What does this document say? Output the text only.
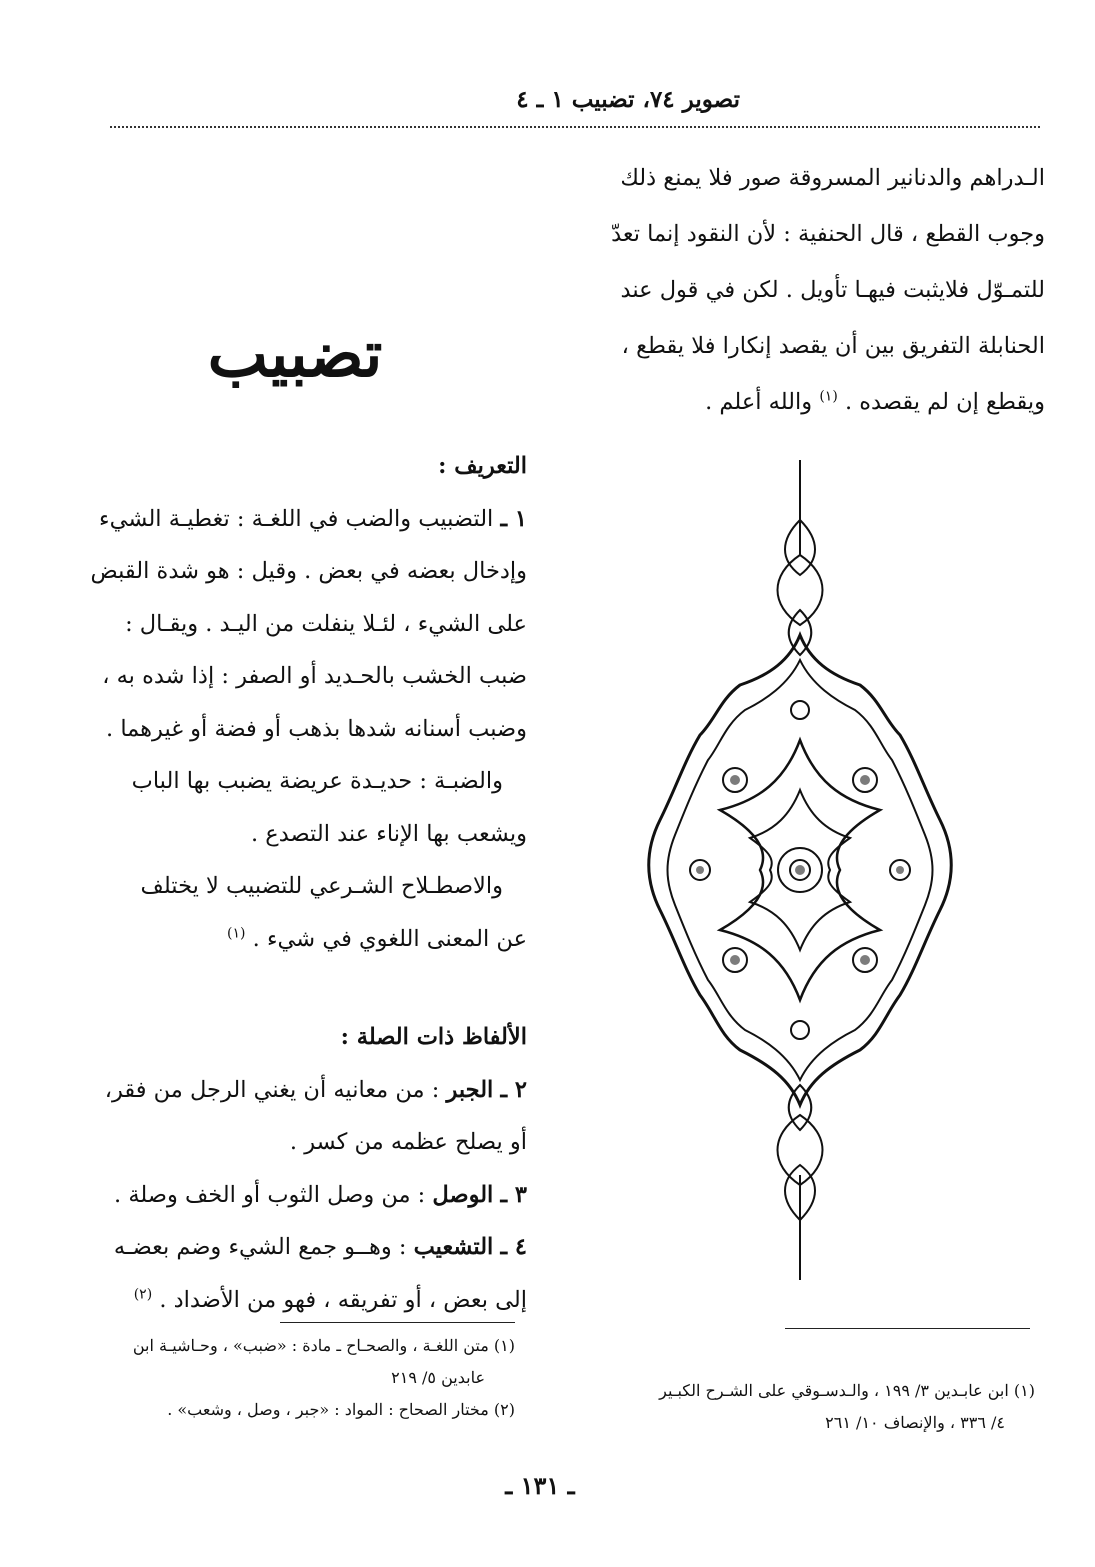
تصوير ٧٤، تضبيب ١ ـ ٤

الـدراهم والدنانير المسروقة صور فلا يمنع ذلك

وجوب القطع ، قال الحنفية : لأن النقود إنما تعدّ

للتمـوّل فلايثبت فيهـا تأويل . لكن في قول عند

الحنابلة التفريق بين أن يقصد إنكارا فلا يقطع ،

ويقطع إن لم يقصده . $^{(١)}$ والله أعلم .

تضبيب

التعريف :

١ ـ التضبيب والضب في اللغـة : تغطيـة الشيء

وإدخال بعضه في بعض . وقيل : هو شدة القبض

على الشيء ، لئـلا ينفلت من اليـد . ويقـال :

ضبب الخشب بالحـديد أو الصفر : إذا شده به ،

وضبب أسنانه شدها بذهب أو فضة أو غيرهما .

والضبـة : حديـدة عريضة يضبب بها الباب

ويشعب بها الإناء عند التصدع .

والاصطـلاح الشـرعي للتضبيب لا يختلف

عن المعنى اللغوي في شيء . $^{(١)}$

الألفاظ ذات الصلة :

٢ ـ الجبر : من معانيه أن يغني الرجل من فقر،

أو يصلح عظمه من كسر .

٣ ـ الوصل : من وصل الثوب أو الخف وصلة .

٤ ـ التشعيب : وهــو جمع الشيء وضم بعضـه

إلى بعض ، أو تفريقه ، فهو من الأضداد . $^{(٢)}$

(١) متن اللغـة ، والصحـاح ـ مادة : «ضبب» ، وحـاشيـة ابن

عابدين ٥/ ٢١٩

(٢) مختار الصحاح : المواد : «جبر ، وصل ، وشعب» .

(١) ابن عابـدين ٣/ ١٩٩ ، والـدسـوقي على الشـرح الكبـير

٤/ ٣٣٦ ، والإنصاف ١٠/ ٢٦١

ـ ١٣١ ـ
